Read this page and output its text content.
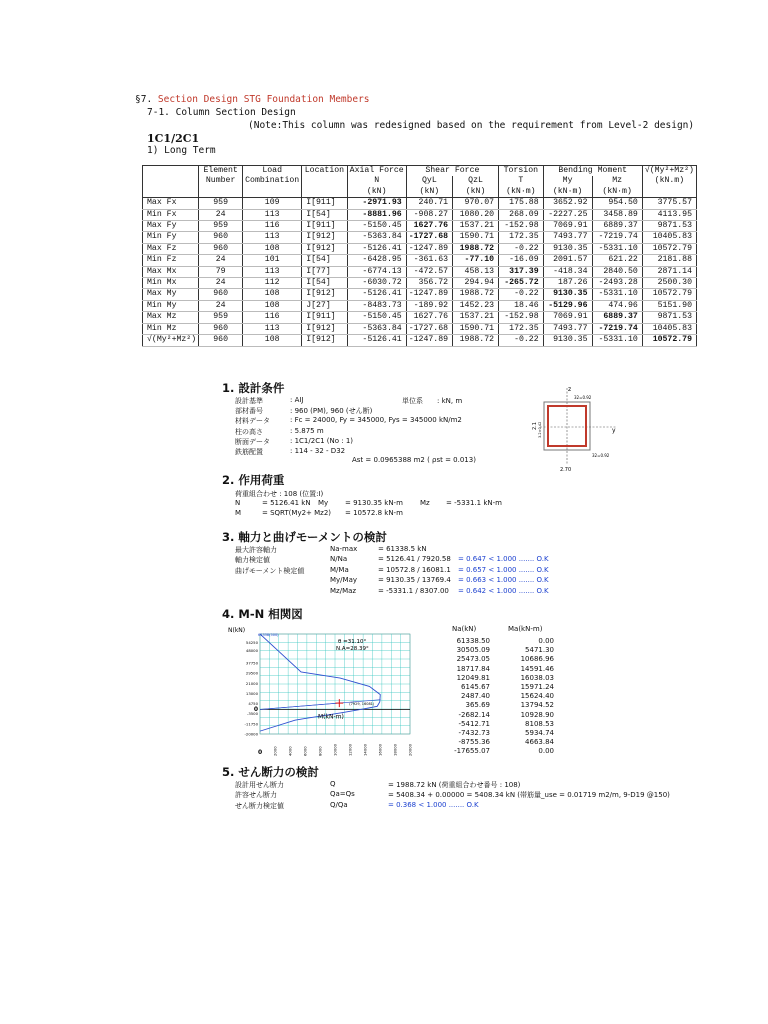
§7. Section Design STG Foundation Members
7-1. Column Section Design
(Note:This column was redesigned based on the requirement from Level-2 design)
1C1/2C1
1) Long Term
	Element	Load	Location	Axial Force	Shear Force		Torsion	Bending Moment		√(My²+Mz²)
	Number	Combination		N	QyL	QzL	T	My	Mz	(kN.m)
				(kN)	(kN)	(kN)	(kN·m)	(kN·m)	(kN·m)	
Max Fx	959	109	I[911]	-2971.93	240.71	970.07	175.88	3652.92	954.50	3775.57
Min Fx	24	113	I[54]	-8881.96	-908.27	1080.20	268.09	-2227.25	3458.89	4113.95
Max Fy	959	116	I[911]	-5150.45	1627.76	1537.21	-152.98	7069.91	6889.37	9871.53
Min Fy	960	113	I[912]	-5363.84	-1727.68	1590.71	172.35	7493.77	-7219.74	10405.83
Max Fz	960	108	I[912]	-5126.41	-1247.89	1988.72	-0.22	9130.35	-5331.10	10572.79
Min Fz	24	101	I[54]	-6428.95	-361.63	-77.10	-16.09	2091.57	621.22	2181.88
Max Mx	79	113	I[77]	-6774.13	-472.57	458.13	317.39	-418.34	2840.50	2871.14
Min Mx	24	112	I[54]	-6030.72	356.72	294.94	-265.72	187.26	-2493.28	2500.30
Max My	960	108	I[912]	-5126.41	-1247.89	1988.72	-0.22	9130.35	-5331.10	10572.79
Min My	24	108	J[27]	-8483.73	-189.92	1452.23	18.46	-5129.96	474.96	5151.90
Max Mz	959	116	I[911]	-5150.45	1627.76	1537.21	-152.98	7069.91	6889.37	9871.53
Min Mz	960	113	I[912]	-5363.84	-1727.68	1590.71	172.35	7493.77	-7219.74	10405.83
√(My²+Mz²)	960	108	I[912]	-5126.41	-1247.89	1988.72	-0.22	9130.35	-5331.10	10572.79
1. 設計条件
設計基準	: AIJ
部材番号	: 960 (PM), 960 (せん断)
材料データ	: Fc = 24000, Fy = 345000, Fys = 345000 kN/m2
柱の高さ	: 5.875 m
断面データ	: 1C1/2C1 (No : 1)
鉄筋配置	: 114 - 32 - D32
単位系 : kN, m
Ast = 0.0965388 m2 ( ρst = 0.013)
z
y
32=0.92
32=0.92
2.1 3.2×0.42
2.70
2. 作用荷重
荷重組合わせ : 108 (位置:I)
N	= 5126.41 kN My = 9130.35 kN-m Mz = -5331.1 kN-m
M	= SQRT(My2+ Mz2) = 10572.8 kN-m
3. 軸力と曲げモーメントの検討
最大許容軸力	Na-max	= 61338.5 kN
軸力検定値	N/Na	= 5126.41 / 7920.58 = 0.647 < 1.000 ....... O.K
曲げモーメント検定値	M/Ma	= 10572.8 / 16081.1 = 0.657 < 1.000 ....... O.K
My/May	= 9130.35 / 13769.4 = 0.663 < 1.000 ....... O.K
Mz/Maz	= -5331.1 / 8307.00 = 0.642 < 1.000 ....... O.K
4. M-N 相関図
θ =31.10°
N.A=28.39°
(7929, 16081)
M(kN-m)
N(kN)
61338(500)
54250
48000
37750
29500
21000
13000
4750
0
-3500
-11750
-20000
0	2000	4000	6000	8000	10000	12000	14000	16000	18000	20000
Na(kN)	Ma(kN-m)
61338.50	0.00
30505.09	5471.30
25473.05	10686.96
18717.84	14591.46
12049.81	16038.03
6145.67	15971.24
2487.40	15624.40
365.69	13794.52
-2682.14	10928.90
-5412.71	8108.53
-7432.73	5934.74
-8755.36	4663.84
-17655.07	0.00
5. せん断力の検討
設計用せん断力	Q	= 1988.72 kN (荷重組合わせ番号 : 108)
許容せん断力	Qa=Qs	= 5408.34 + 0.00000 = 5408.34 kN (帯筋量_use = 0.01719 m2/m, 9-D19 @150)
せん断力検定値	Q/Qa	= 0.368 < 1.000 ....... O.K
